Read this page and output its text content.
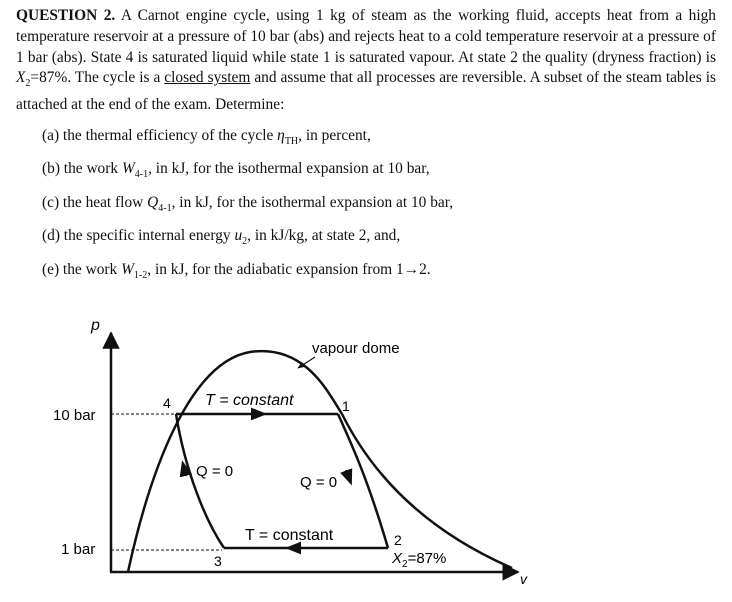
QUESTION 2. A Carnot engine cycle, using 1 kg of steam as the working fluid, accepts heat from a high temperature reservoir at a pressure of 10 bar (abs) and rejects heat to a cold temperature reservoir at a pressure of 1 bar (abs). State 4 is saturated liquid while state 1 is saturated vapour. At state 2 the quality (dryness fraction) is $X_2=87\%$. The cycle is a closed system and assume that all processes are reversible. A subset of the steam tables is attached at the end of the exam. Determine:

(a) the thermal efficiency of the cycle $\eta_{TH}$, in percent,
(b) the work $W_{4-1}$, in kJ, for the isothermal expansion at 10 bar,
(c) the heat flow $Q_{4-1}$, in kJ, for the isothermal expansion at 10 bar,
(d) the specific internal energy $u_2$, in kJ/kg, at state 2, and,
(e) the work $W_{1-2}$, in kJ, for the adiabatic expansion from 1→2.
p
v
10 bar
1 bar
vapour dome
T = constant
T = constant
Q = 0
Q = 0
1
2
3
4
$X_2=87\%$
